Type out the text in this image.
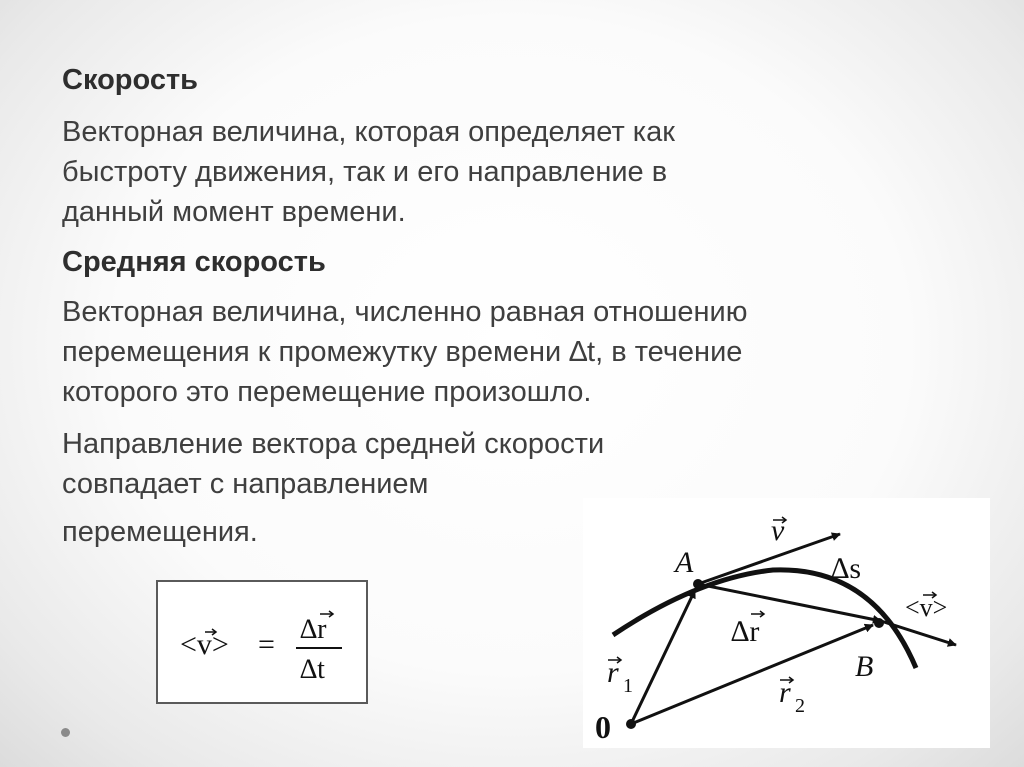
Скорость
Векторная величина, которая определяет как
быстроту движения, так и его направление в
данный момент времени.
Средняя скорость
Векторная величина, численно равная отношению
перемещения к промежутку времени ∆t, в течение
которого это перемещение произошло.
Направление вектора средней скорости
совпадает с направлением
перемещения.
<v> = ∆r
∆t
v
A	∆s
<v>
∆r
r 1
B
r 2
0
